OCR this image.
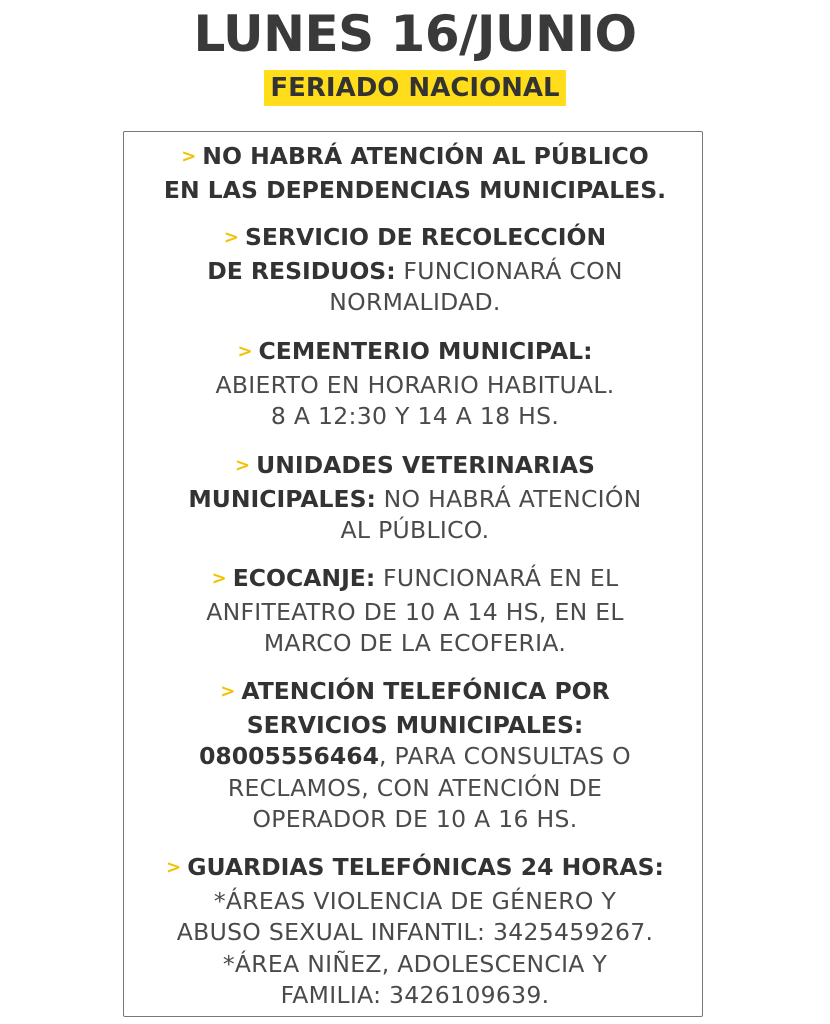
LUNES 16/JUNIO
FERIADO NACIONAL
> NO HABRÁ ATENCIÓN AL PÚBLICO
EN LAS DEPENDENCIAS MUNICIPALES.
> SERVICIO DE RECOLECCIÓN
DE RESIDUOS: FUNCIONARÁ CON
NORMALIDAD.
> CEMENTERIO MUNICIPAL:
ABIERTO EN HORARIO HABITUAL.
8 A 12:30 Y 14 A 18 HS.
> UNIDADES VETERINARIAS
MUNICIPALES: NO HABRÁ ATENCIÓN
AL PÚBLICO.
> ECOCANJE: FUNCIONARÁ EN EL
ANFITEATRO DE 10 A 14 HS, EN EL
MARCO DE LA ECOFERIA.
> ATENCIÓN TELEFÓNICA POR
SERVICIOS MUNICIPALES:
08005556464, PARA CONSULTAS O
RECLAMOS, CON ATENCIÓN DE
OPERADOR DE 10 A 16 HS.
> GUARDIAS TELEFÓNICAS 24 HORAS:
*ÁREAS VIOLENCIA DE GÉNERO Y
ABUSO SEXUAL INFANTIL: 3425459267.
*ÁREA NIÑEZ, ADOLESCENCIA Y
FAMILIA: 3426109639.
